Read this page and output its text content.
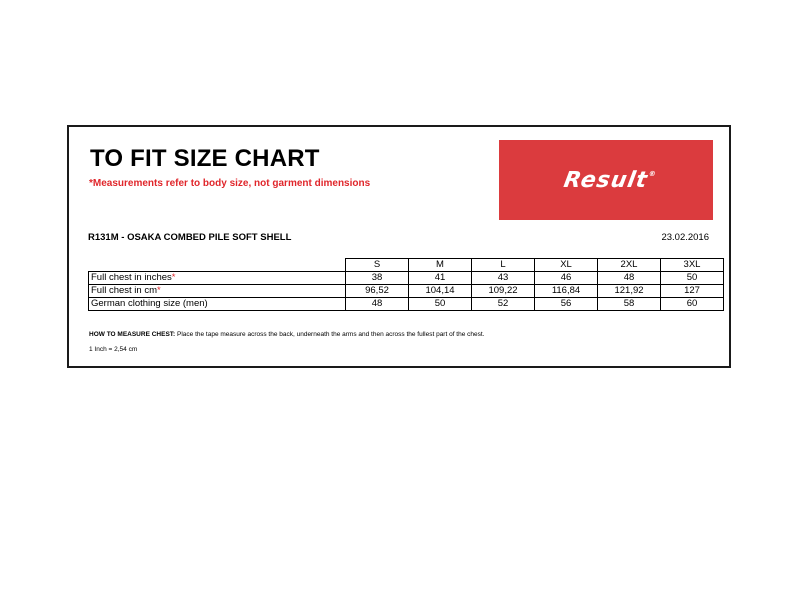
TO FIT SIZE CHART
*Measurements refer to body size, not garment dimensions	Result
®
R131M - OSAKA COMBED PILE SOFT SHELL	23.02.2016
	S	M	L	XL	2XL	3XL
Full chest in inches*	38	41	43	46	48	50
Full chest in cm*	96,52	104,14	109,22	116,84	121,92	127
German clothing size (men)	48	50	52	56	58	60
HOW TO MEASURE CHEST: Place the tape measure across the back, underneath the arms and then across the fullest part of the chest.
1 Inch = 2,54 cm
